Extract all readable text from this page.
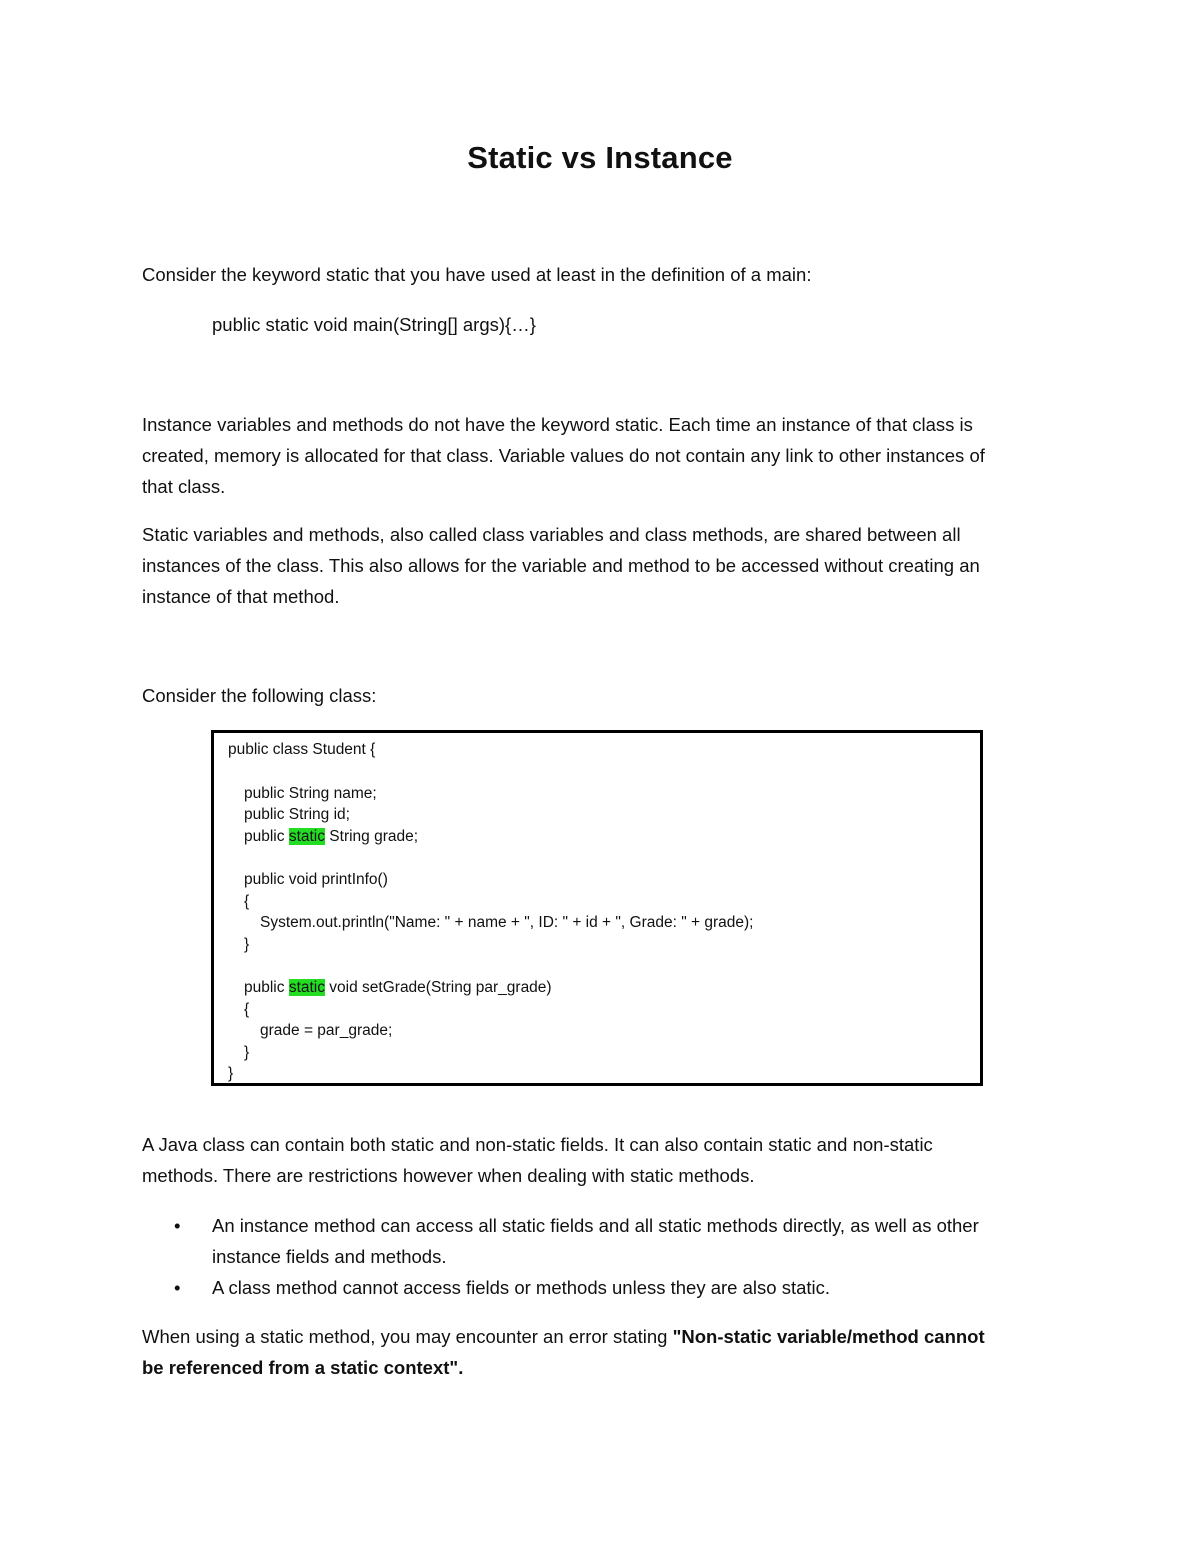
Static vs Instance

Consider the keyword static that you have used at least in the definition of a main:

public static void main(String[] args){…}
Instance variables and methods do not have the keyword static. Each time an instance of that class is
created, memory is allocated for that class. Variable values do not contain any link to other instances of
that class.
Static variables and methods, also called class variables and class methods, are shared between all
instances of the class. This also allows for the variable and method to be accessed without creating an
instance of that method.

Consider the following class:

public class Student {
public String name;
public String id;
public static String grade;
public void printInfo()
{
System.out.println("Name: " + name + ", ID: " + id + ", Grade: " + grade);
}
public static void setGrade(String par_grade)
{
grade = par_grade;
}
}
A Java class can contain both static and non-static fields. It can also contain static and non-static
methods. There are restrictions however when dealing with static methods.
• An instance method can access all static fields and all static methods directly, as well as other
instance fields and methods.
• A class method cannot access fields or methods unless they are also static.
When using a static method, you may encounter an error stating "Non-static variable/method cannot
be referenced from a static context".
